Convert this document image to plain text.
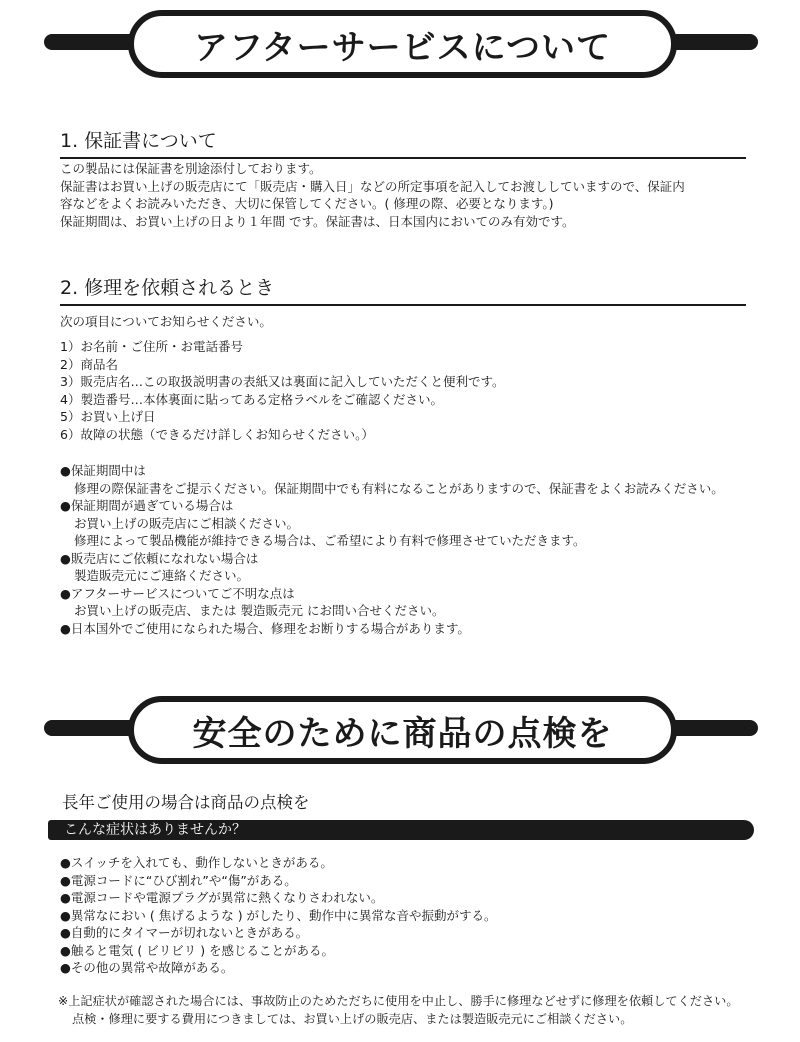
アフターサービスについて
1. 保証書について

この製品には保証書を別途添付しております。

保証書はお買い上げの販売店にて「販売店・購入日」などの所定事項を記入してお渡ししていますので、保証内

容などをよくお読みいただき、大切に保管してください。( 修理の際、必要となります。)

保証期間は、お買い上げの日より１年間 です。保証書は、日本国内においてのみ有効です。

2. 修理を依頼されるとき

次の項目についてお知らせください。

1）お名前・ご住所・お電話番号

2）商品名

3）販売店名…この取扱説明書の表紙又は裏面に記入していただくと便利です。

4）製造番号…本体裏面に貼ってある定格ラベルをご確認ください。

5）お買い上げ日

6）故障の状態（できるだけ詳しくお知らせください。）

●保証期間中は

修理の際保証書をご提示ください。保証期間中でも有料になることがありますので、保証書をよくお読みください。

●保証期間が過ぎている場合は

お買い上げの販売店にご相談ください。

修理によって製品機能が維持できる場合は、ご希望により有料で修理させていただきます。

●販売店にご依頼になれない場合は

製造販売元にご連絡ください。

●アフターサービスについてご不明な点は

お買い上げの販売店、または 製造販売元 にお問い合せください。

●日本国外でご使用になられた場合、修理をお断りする場合があります。

安全のために商品の点検を
長年ご使用の場合は商品の点検を
こんな症状はありませんか？

●スイッチを入れても、動作しないときがある。

●電源コードに“ひび割れ”や“傷”がある。

●電源コードや電源プラグが異常に熱くなりさわれない。

●異常なにおい ( 焦げるような ) がしたり、動作中に異常な音や振動がする。

●自動的にタイマーが切れないときがある。

●触ると電気 ( ビリビリ ) を感じることがある。

●その他の異常や故障がある。

※上記症状が確認された場合には、事故防止のためただちに使用を中止し、勝手に修理などせずに修理を依頼してください。

点検・修理に要する費用につきましては、お買い上げの販売店、または製造販売元にご相談ください。
